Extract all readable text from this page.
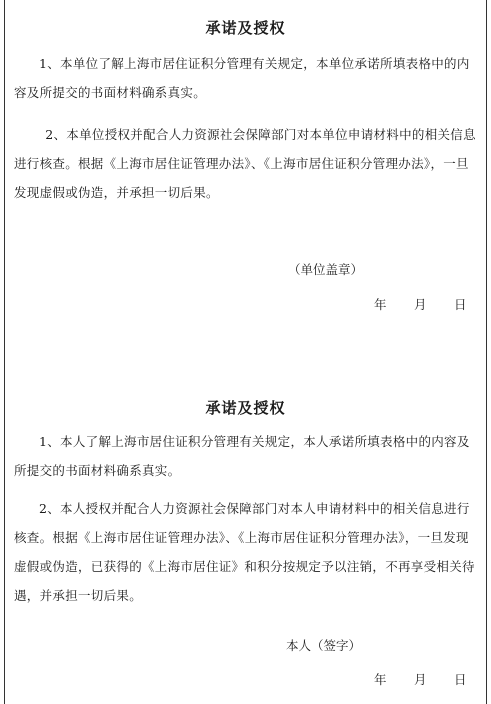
承诺及授权
1、本单位了解上海市居住证积分管理有关规定，本单位承诺所填表格中的内容及所提交的书面材料确系真实。
2、本单位授权并配合人力资源社会保障部门对本单位申请材料中的相关信息进行核查。根据《上海市居住证管理办法》、《上海市居住证积分管理办法》，一旦发现虚假或伪造，并承担一切后果。
（单位盖章）
年 月 日
承诺及授权
1、本人了解上海市居住证积分管理有关规定，本人承诺所填表格中的内容及所提交的书面材料确系真实。
2、本人授权并配合人力资源社会保障部门对本人申请材料中的相关信息进行核查。根据《上海市居住证管理办法》、《上海市居住证积分管理办法》，一旦发现虚假或伪造，已获得的《上海市居住证》和积分按规定予以注销，不再享受相关待遇，并承担一切后果。
本人（签字）
年 月 日
